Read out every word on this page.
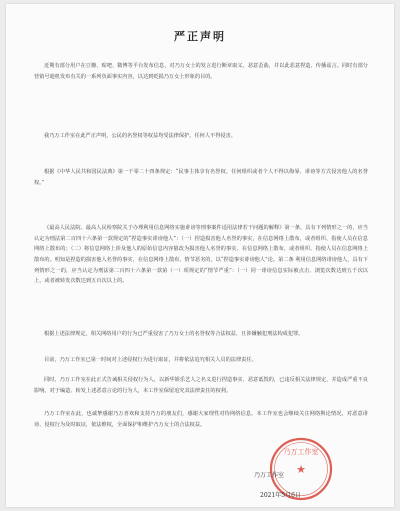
严正声明

近期有部分用户在豆瓣、贴吧、微博等平台发布信息，对乃万女士的发言进行断章取义、恶意歪曲，并以此恶意捏造、传播谣言。同时有部分营销号趁机发布有关的一系列负面事实内容，以达到贬损乃万女士形象的目的。

我乃万工作室在此严正声明，公民的名誉权等权益均受法律保护，任何人不得侵害。

根据《中华人民共和国民法典》第一千零二十四条规定：“民事主体享有名誉权。任何组织或者个人不得以侮辱、诽谤等方式侵害他人的名誉权。”

《最高人民法院、最高人民检察院关于办理利用信息网络实施诽谤等刑事案件适用法律若干问题的解释》第一条，具有下列情形之一的，应当认定为刑法第二百四十六条第一款规定的“捏造事实诽谤他人”：（一）捏造损害他人名誉的事实，在信息网络上散布，或者组织、指使人员在信息网络上散布的；（二）将信息网络上涉及他人的原始信息内容篡改为损害他人名誉的事实，在信息网络上散布，或者组织、指使人员在信息网络上散布的。明知是捏造的损害他人名誉的事实，在信息网络上散布，情节恶劣的，以“捏造事实诽谤他人”论。第二条 利用信息网络诽谤他人，具有下列情形之一的，应当认定为刑法第二百四十六条第一款第（一）项规定的“情节严重”：（一）同一诽谤信息实际被点击、浏览次数达到五千次以上，或者被转发次数达到五百次以上的。

根据上述法律规定，相关网络用户的行为已严重侵害了乃万女士的名誉权等合法权益，且涉嫌触犯刑法构成犯罪。

目前，乃万工作室已第一时间对上述侵权行为进行取证，并将依法追究相关人员的法律责任。

同时，乃万工作室在此正式告诫相关侵权行为人，以新华娱乐艺人之名义进行捏造事实、恶意诋毁的，已违反相关法律规定，并造成严重不良影响。对于编造、转发上述恶意言论的行为人，本工作室保留追究其法律责任的权利。

乃万工作室在此，也诚挚感谢乃万喜欢和支持乃万的朋友们，感谢大家理性对待网络信息。本工作室也会继续关注网络舆论情况，对恶意诽谤、侵权行为及时取证，依法维权，全面保护和维护乃万女士的合法权益。

★
乃万工作室
乃万工作室
2021年5月6日
